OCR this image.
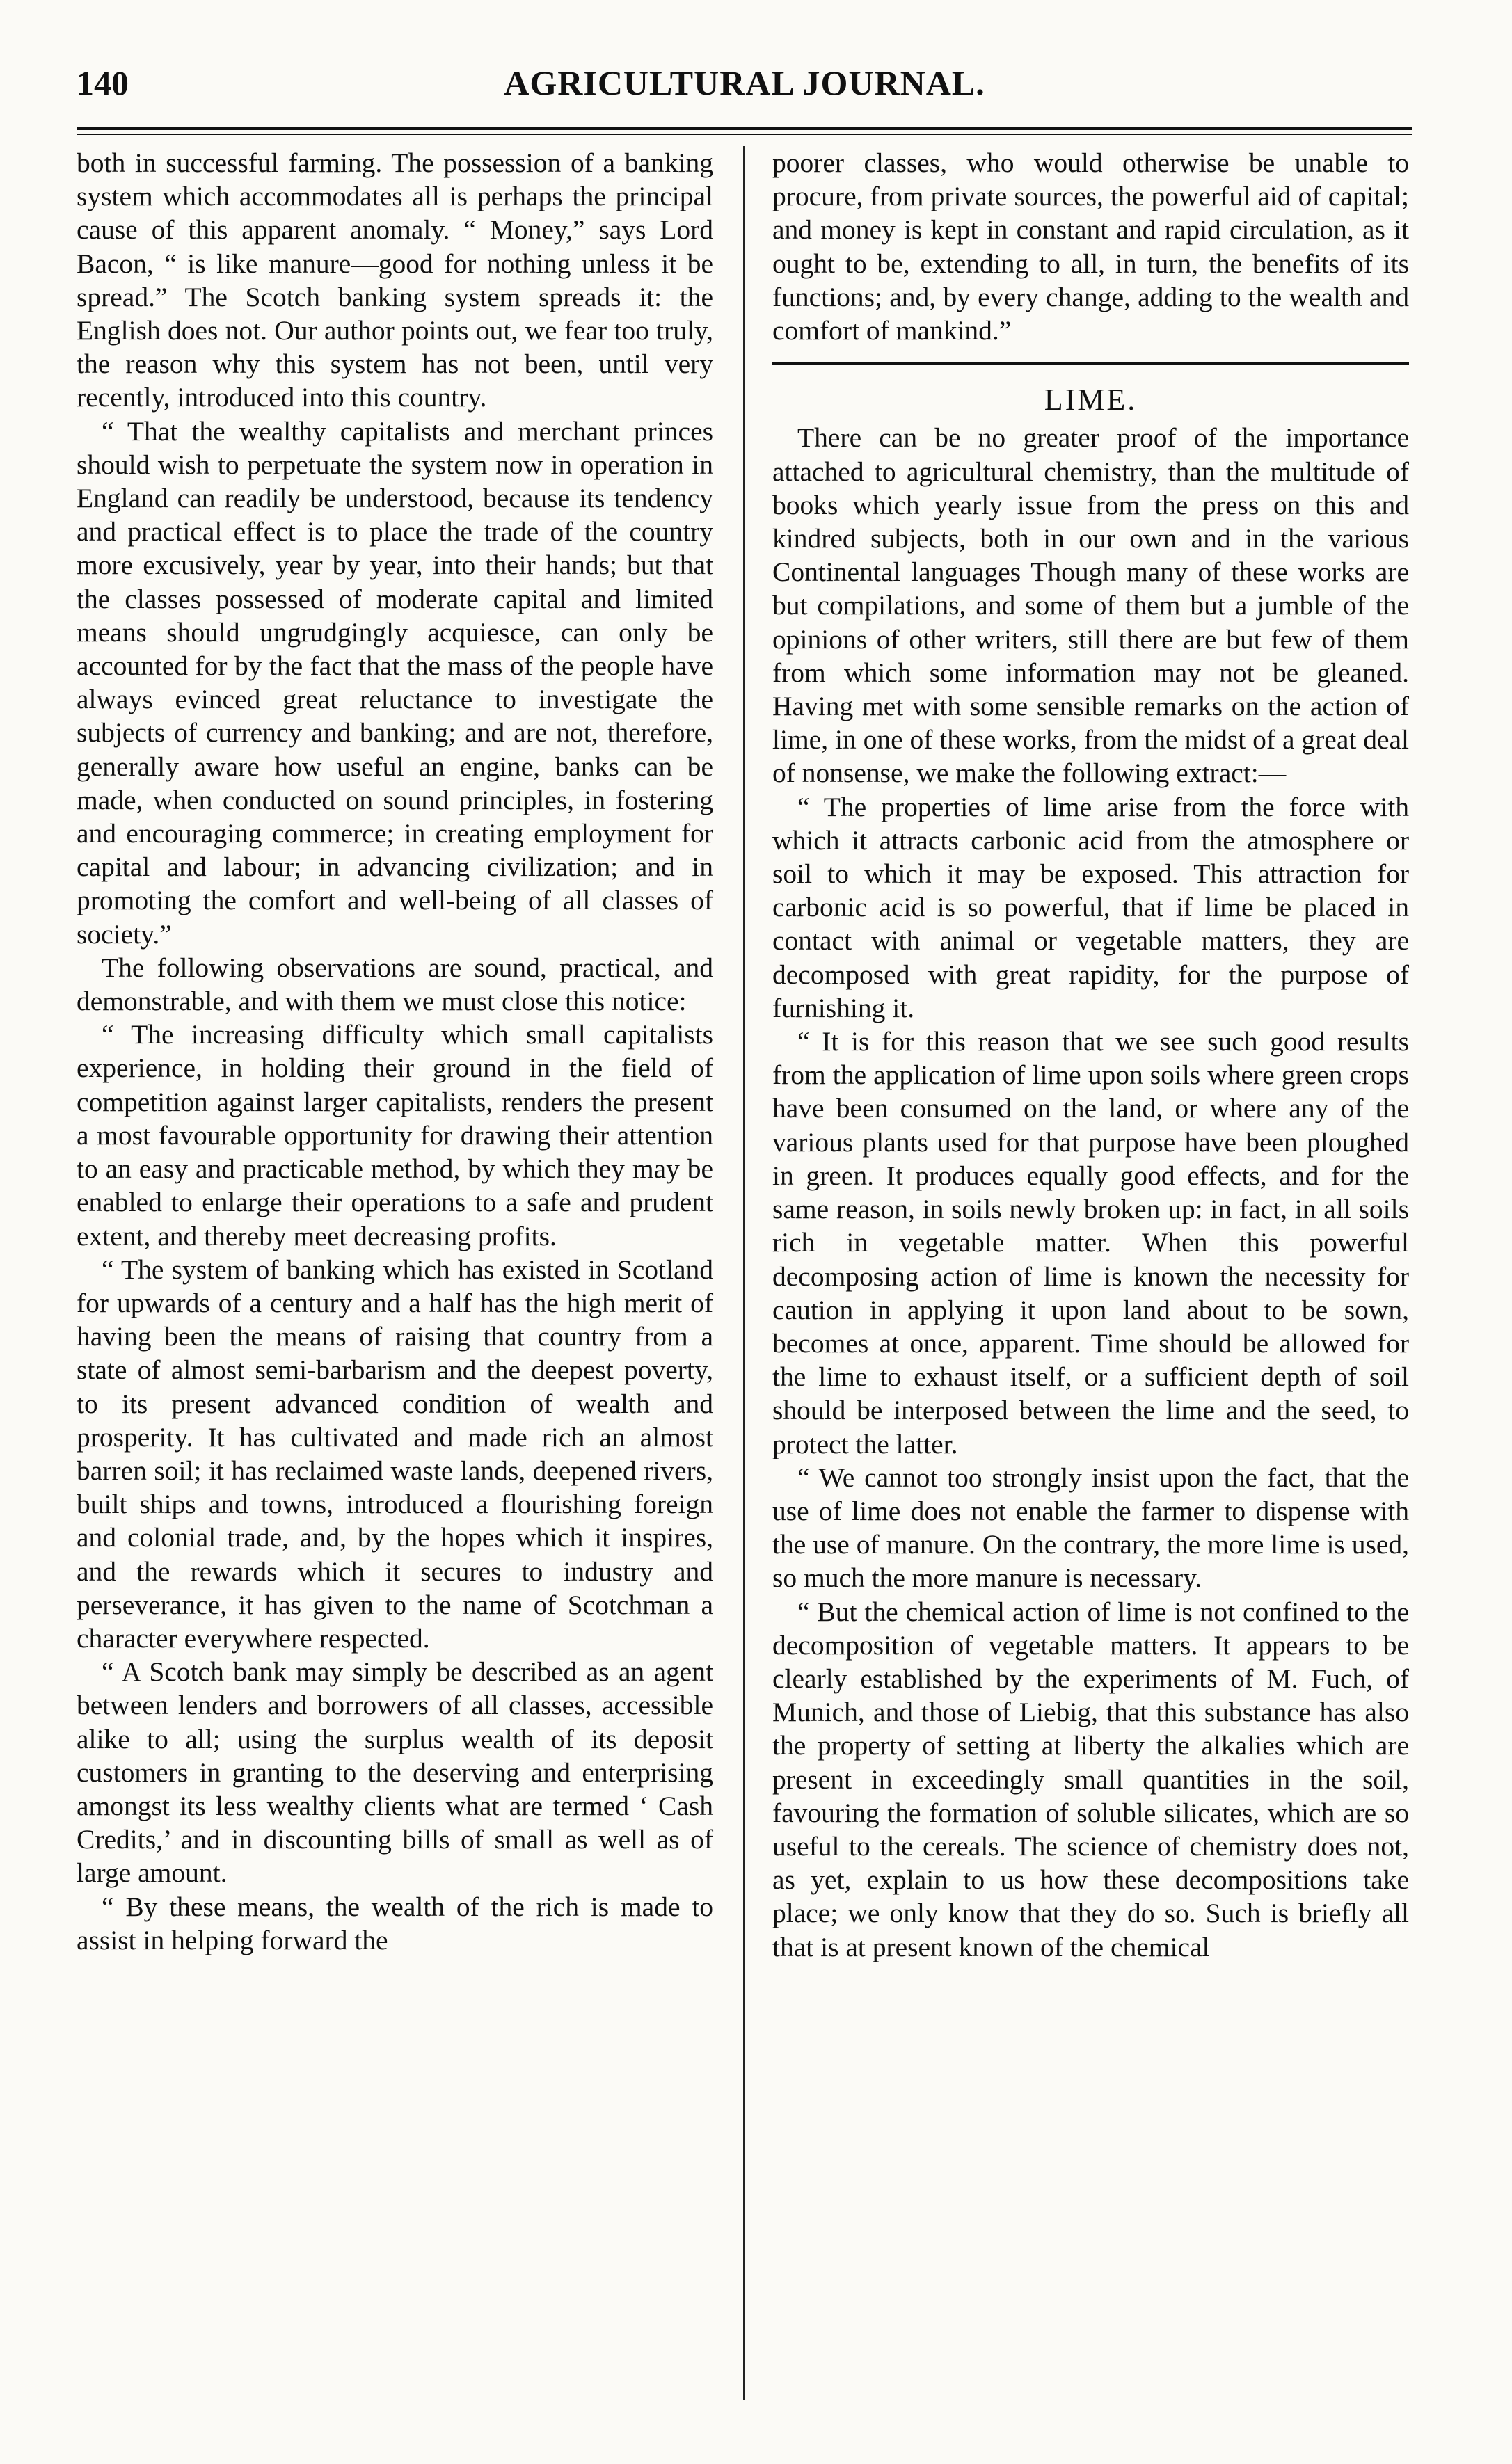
140	AGRICULTURAL JOURNAL.

both in successful farming. The possession of a banking system which accommodates all is perhaps the principal cause of this apparent anomaly. “ Money,” says Lord Bacon, “ is like manure—good for nothing unless it be spread.” The Scotch banking system spreads it: the English does not. Our author points out, we fear too truly, the reason why this system has not been, until very recently, introduced into this country.

“ That the wealthy capitalists and merchant princes should wish to perpetuate the system now in operation in England can readily be understood, because its tendency and practical effect is to place the trade of the country more excusively, year by year, into their hands; but that the classes possessed of moderate capital and limited means should ungrudgingly acquiesce, can only be accounted for by the fact that the mass of the people have always evinced great reluctance to investigate the subjects of currency and banking; and are not, therefore, generally aware how useful an engine, banks can be made, when conducted on sound principles, in fostering and encouraging commerce; in creating employment for capital and labour; in advancing civilization; and in promoting the comfort and well-being of all classes of society.”

The following observations are sound, practical, and demonstrable, and with them we must close this notice:

“ The increasing difficulty which small capitalists experience, in holding their ground in the field of competition against larger capitalists, renders the present a most favourable opportunity for drawing their attention to an easy and practicable method, by which they may be enabled to enlarge their operations to a safe and prudent extent, and thereby meet decreasing profits.

“ The system of banking which has existed in Scotland for upwards of a century and a half has the high merit of having been the means of raising that country from a state of almost semi-barbarism and the deepest poverty, to its present advanced condition of wealth and prosperity. It has cultivated and made rich an almost barren soil; it has reclaimed waste lands, deepened rivers, built ships and towns, introduced a flourishing foreign and colonial trade, and, by the hopes which it inspires, and the rewards which it secures to industry and perseverance, it has given to the name of Scotchman a character everywhere respected.

“ A Scotch bank may simply be described as an agent between lenders and borrowers of all classes, accessible alike to all; using the surplus wealth of its deposit customers in granting to the deserving and enterprising amongst its less wealthy clients what are termed ‘ Cash Credits,’ and in discounting bills of small as well as of large amount.

“ By these means, the wealth of the rich is made to assist in helping forward the

poorer classes, who would otherwise be unable to procure, from private sources, the powerful aid of capital; and money is kept in constant and rapid circulation, as it ought to be, extending to all, in turn, the benefits of its functions; and, by every change, adding to the wealth and comfort of mankind.”

LIME.

There can be no greater proof of the importance attached to agricultural chemistry, than the multitude of books which yearly issue from the press on this and kindred subjects, both in our own and in the various Continental languages Though many of these works are but compilations, and some of them but a jumble of the opinions of other writers, still there are but few of them from which some information may not be gleaned. Having met with some sensible remarks on the action of lime, in one of these works, from the midst of a great deal of nonsense, we make the following extract:—

“ The properties of lime arise from the force with which it attracts carbonic acid from the atmosphere or soil to which it may be exposed. This attraction for carbonic acid is so powerful, that if lime be placed in contact with animal or vegetable matters, they are decomposed with great rapidity, for the purpose of furnishing it.

“ It is for this reason that we see such good results from the application of lime upon soils where green crops have been consumed on the land, or where any of the various plants used for that purpose have been ploughed in green. It produces equally good effects, and for the same reason, in soils newly broken up: in fact, in all soils rich in vegetable matter. When this powerful decomposing action of lime is known the necessity for caution in applying it upon land about to be sown, becomes at once, apparent. Time should be allowed for the lime to exhaust itself, or a sufficient depth of soil should be interposed between the lime and the seed, to protect the latter.

“ We cannot too strongly insist upon the fact, that the use of lime does not enable the farmer to dispense with the use of manure. On the contrary, the more lime is used, so much the more manure is necessary.

“ But the chemical action of lime is not confined to the decomposition of vegetable matters. It appears to be clearly established by the experiments of M. Fuch, of Munich, and those of Liebig, that this substance has also the property of setting at liberty the alkalies which are present in exceedingly small quantities in the soil, favouring the formation of soluble silicates, which are so useful to the cereals. The science of chemistry does not, as yet, explain to us how these decompositions take place; we only know that they do so. Such is briefly all that is at present known of the chemical
